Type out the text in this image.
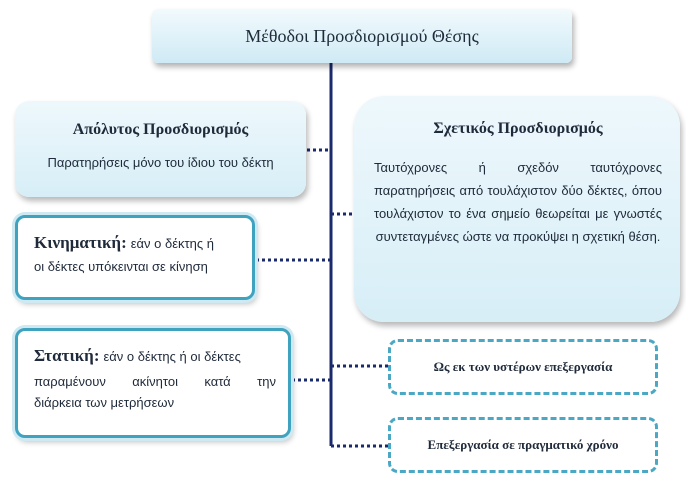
Μέθοδοι Προσδιορισμού Θέσης
Απόλυτος Προσδιορισμός
Παρατηρήσεις μόνο του ίδιου του δέκτη
Κινηματική: εάν ο δέκτης ή
οι δέκτες υπόκεινται σε κίνηση
Στατική: εάν ο δέκτης ή οι δέκτες
παραμένουν ακίνητοι κατά την
διάρκεια των μετρήσεων
Σχετικός Προσδιορισμός
Ταυτόχρονες ή σχεδόν ταυτόχρονες παρατηρήσεις από τουλάχιστον δύο δέκτες, όπου τουλάχιστον το ένα σημείο θεωρείται με γνωστές συντεταγμένες ώστε να προκύψει η σχετική θέση.
Ως εκ των υστέρων επεξεργασία
Επεξεργασία σε πραγματικό χρόνο
